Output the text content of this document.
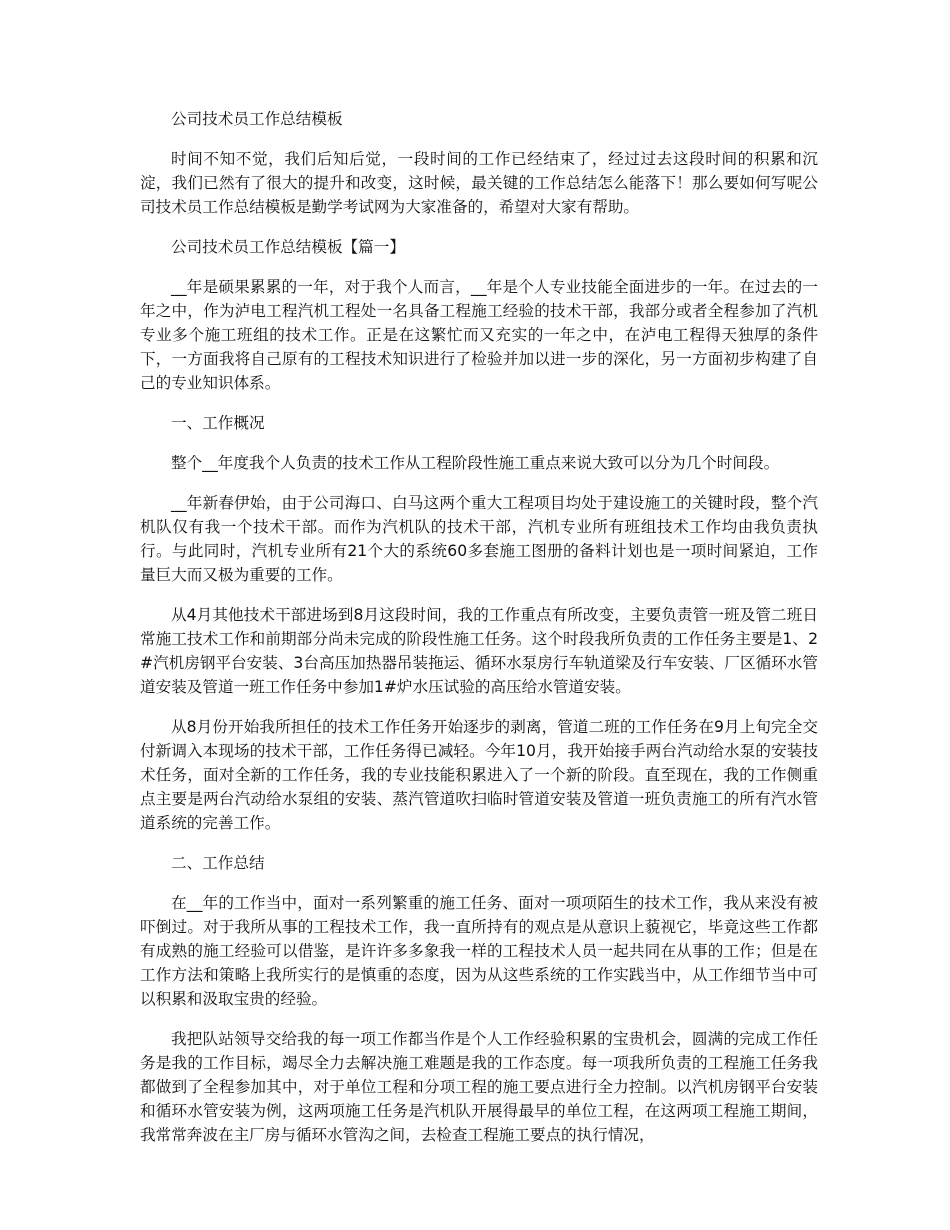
公司技术员工作总结模板

时间不知不觉，我们后知后觉，一段时间的工作已经结束了，经过过去这段时间的积累和沉淀，我们已然有了很大的提升和改变，这时候，最关键的工作总结怎么能落下！那么要如何写呢公司技术员工作总结模板是勤学考试网为大家准备的，希望对大家有帮助。

公司技术员工作总结模板【篇一】

__年是硕果累累的一年，对于我个人而言，__年是个人专业技能全面进步的一年。在过去的一年之中，作为泸电工程汽机工程处一名具备工程施工经验的技术干部，我部分或者全程参加了汽机专业多个施工班组的技术工作。正是在这繁忙而又充实的一年之中，在泸电工程得天独厚的条件下，一方面我将自己原有的工程技术知识进行了检验并加以进一步的深化，另一方面初步构建了自己的专业知识体系。

一、工作概况

整个__年度我个人负责的技术工作从工程阶段性施工重点来说大致可以分为几个时间段。

__年新春伊始，由于公司海口、白马这两个重大工程项目均处于建设施工的关键时段，整个汽机队仅有我一个技术干部。而作为汽机队的技术干部，汽机专业所有班组技术工作均由我负责执行。与此同时，汽机专业所有21个大的系统60多套施工图册的备料计划也是一项时间紧迫，工作量巨大而又极为重要的工作。

从4月其他技术干部进场到8月这段时间，我的工作重点有所改变，主要负责管一班及管二班日常施工技术工作和前期部分尚未完成的阶段性施工任务。这个时段我所负责的工作任务主要是1、2#汽机房钢平台安装、3台高压加热器吊装拖运、循环水泵房行车轨道梁及行车安装、厂区循环水管道安装及管道一班工作任务中参加1#炉水压试验的高压给水管道安装。

从8月份开始我所担任的技术工作任务开始逐步的剥离，管道二班的工作任务在9月上旬完全交付新调入本现场的技术干部，工作任务得已减轻。今年10月，我开始接手两台汽动给水泵的安装技术任务，面对全新的工作任务，我的专业技能积累进入了一个新的阶段。直至现在，我的工作侧重点主要是两台汽动给水泵组的安装、蒸汽管道吹扫临时管道安装及管道一班负责施工的所有汽水管道系统的完善工作。

二、工作总结

在__年的工作当中，面对一系列繁重的施工任务、面对一项项陌生的技术工作，我从来没有被吓倒过。对于我所从事的工程技术工作，我一直所持有的观点是从意识上藐视它，毕竟这些工作都有成熟的施工经验可以借鉴，是许许多多象我一样的工程技术人员一起共同在从事的工作；但是在工作方法和策略上我所实行的是慎重的态度，因为从这些系统的工作实践当中，从工作细节当中可以积累和汲取宝贵的经验。

我把队站领导交给我的每一项工作都当作是个人工作经验积累的宝贵机会，圆满的完成工作任务是我的工作目标，竭尽全力去解决施工难题是我的工作态度。每一项我所负责的工程施工任务我都做到了全程参加其中，对于单位工程和分项工程的施工要点进行全力控制。以汽机房钢平台安装和循环水管安装为例，这两项施工任务是汽机队开展得最早的单位工程，在这两项工程施工期间，我常常奔波在主厂房与循环水管沟之间，去检查工程施工要点的执行情况，
